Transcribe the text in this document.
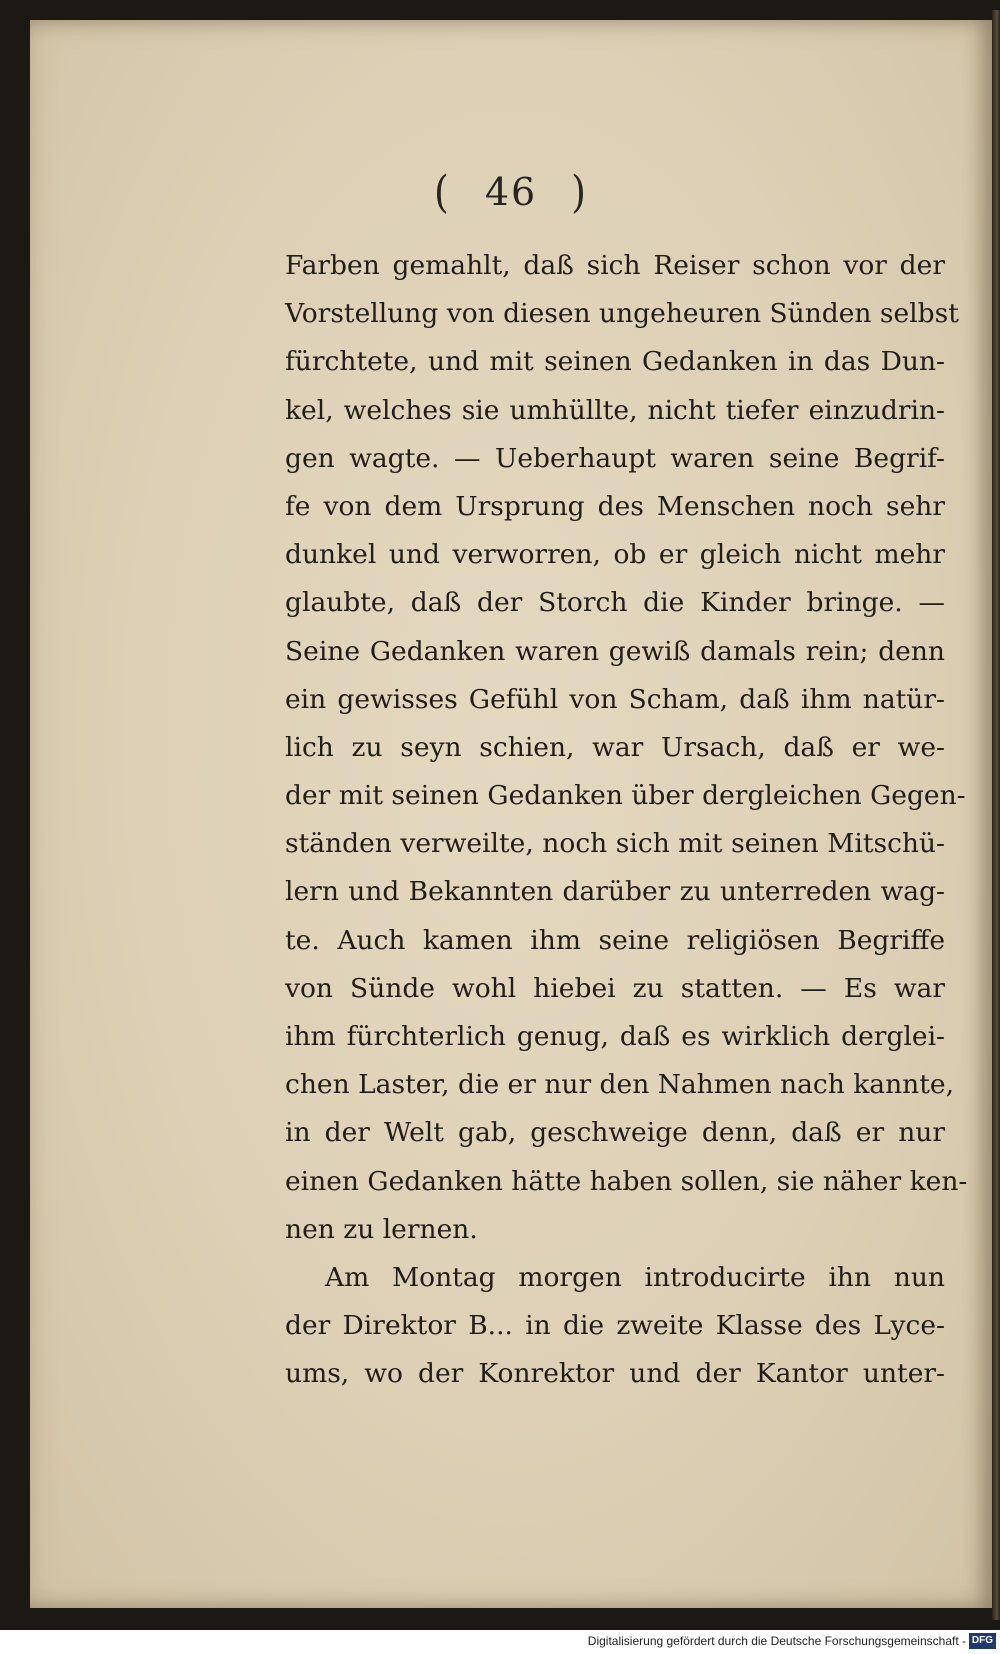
( 46 )
Farben gemahlt, daß sich Reiser schon vor der
Vorstellung von diesen ungeheuren Sünden selbst
fürchtete, und mit seinen Gedanken in das Dun-
kel, welches sie umhüllte, nicht tiefer einzudrin-
gen wagte. — Ueberhaupt waren seine Begrif-
fe von dem Ursprung des Menschen noch sehr
dunkel und verworren, ob er gleich nicht mehr
glaubte, daß der Storch die Kinder bringe. —
Seine Gedanken waren gewiß damals rein; denn
ein gewisses Gefühl von Scham, daß ihm natür-
lich zu seyn schien, war Ursach, daß er we-
der mit seinen Gedanken über dergleichen Gegen-
ständen verweilte, noch sich mit seinen Mitschü-
lern und Bekannten darüber zu unterreden wag-
te. Auch kamen ihm seine religiösen Begriffe
von Sünde wohl hiebei zu statten. — Es war
ihm fürchterlich genug, daß es wirklich derglei-
chen Laster, die er nur den Nahmen nach kannte,
in der Welt gab, geschweige denn, daß er nur
einen Gedanken hätte haben sollen, sie näher ken-
nen zu lernen.
Am Montag morgen introducirte ihn nun
der Direktor B... in die zweite Klasse des Lyce-
ums, wo der Konrektor und der Kantor unter-
Digitalisierung gefördert durch die Deutsche Forschungsgemeinschaft - DFG
